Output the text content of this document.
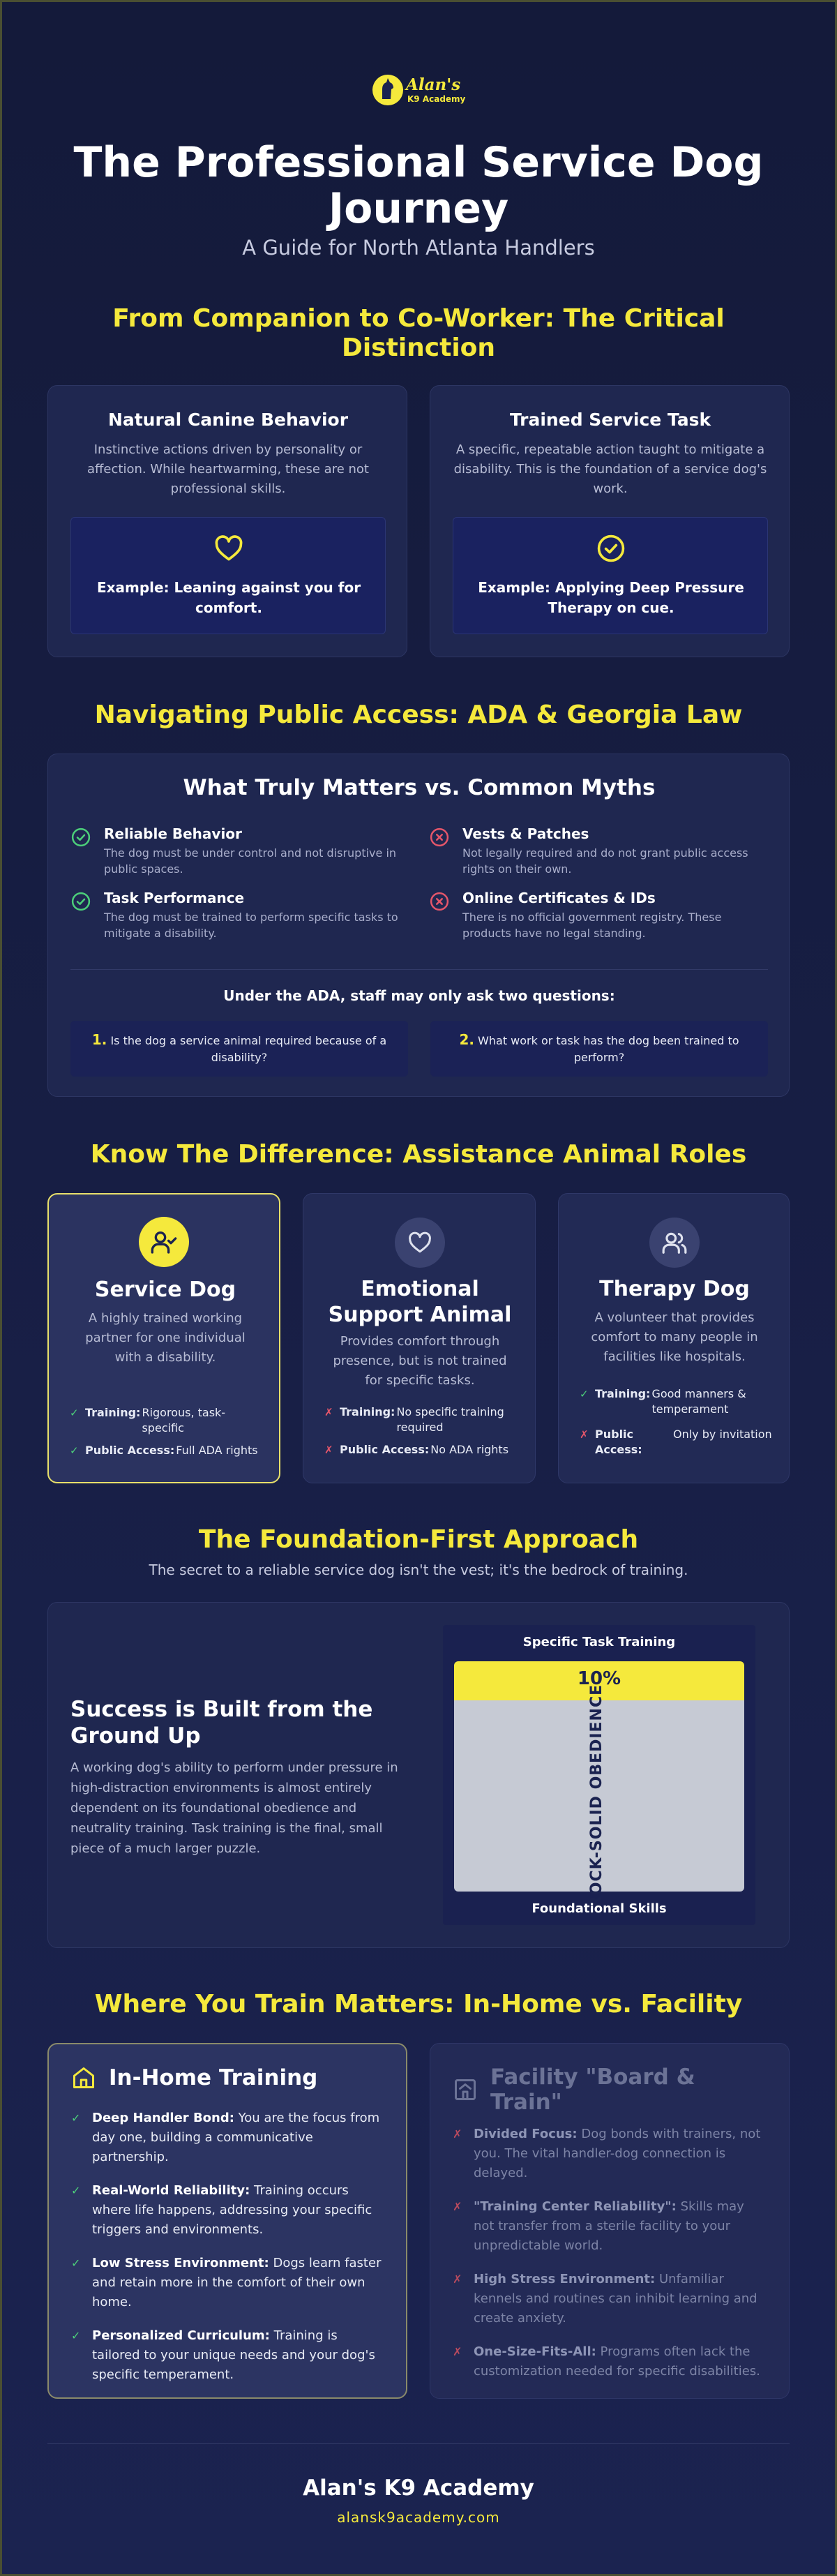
Alan's
K9 Academy
The Professional Service Dog Journey
A Guide for North Atlanta Handlers
From Companion to Co-Worker: The Critical Distinction
Natural Canine Behavior
Instinctive actions driven by personality or affection. While heartwarming, these are not professional skills.
Example: Leaning against you for comfort.
Trained Service Task
A specific, repeatable action taught to mitigate a disability. This is the foundation of a service dog's work.
Example: Applying Deep Pressure Therapy on cue.
Navigating Public Access: ADA & Georgia Law
What Truly Matters vs. Common Myths
Reliable Behavior
The dog must be under control and not disruptive in public spaces.
Task Performance
The dog must be trained to perform specific tasks to mitigate a disability.
Vests & Patches
Not legally required and do not grant public access rights on their own.
Online Certificates & IDs
There is no official government registry. These products have no legal standing.
Under the ADA, staff may only ask two questions:
1. Is the dog a service animal required because of a disability?
2. What work or task has the dog been trained to perform?
Know The Difference: Assistance Animal Roles
Service Dog
A highly trained working partner for one individual with a disability.
✓ Training: Rigorous, task-specific
✓ Public Access: Full ADA rights
Emotional Support Animal
Provides comfort through presence, but is not trained for specific tasks.
✗ Training: No specific training required
✗ Public Access: No ADA rights
Therapy Dog
A volunteer that provides comfort to many people in facilities like hospitals.
✓ Training: Good manners & temperament
✗ Public Access:
Only by invitation
The Foundation-First Approach
The secret to a reliable service dog isn't the vest; it's the bedrock of training.
Success is Built from the Ground Up
A working dog's ability to perform under pressure in high-distraction environments is almost entirely dependent on its foundational obedience and neutrality training. Task training is the final, small piece of a much larger puzzle.
Specific Task Training
10%
ROCK-SOLID OBEDIENCE
Foundational Skills
Where You Train Matters: In-Home vs. Facility
In-Home Training
✓ Deep Handler Bond: You are the focus from day one, building a communicative partnership.
✓ Real-World Reliability: Training occurs where life happens, addressing your specific triggers and environments.
✓ Low Stress Environment: Dogs learn faster and retain more in the comfort of their own home.
✓ Personalized Curriculum: Training is tailored to your unique needs and your dog's specific temperament.
Facility "Board & Train"
✗ Divided Focus: Dog bonds with trainers, not you. The vital handler-dog connection is delayed.
✗ "Training Center Reliability": Skills may not transfer from a sterile facility to your unpredictable world.
✗ High Stress Environment: Unfamiliar kennels and routines can inhibit learning and create anxiety.
✗ One-Size-Fits-All: Programs often lack the customization needed for specific disabilities.
Alan's K9 Academy
alansk9academy.com
